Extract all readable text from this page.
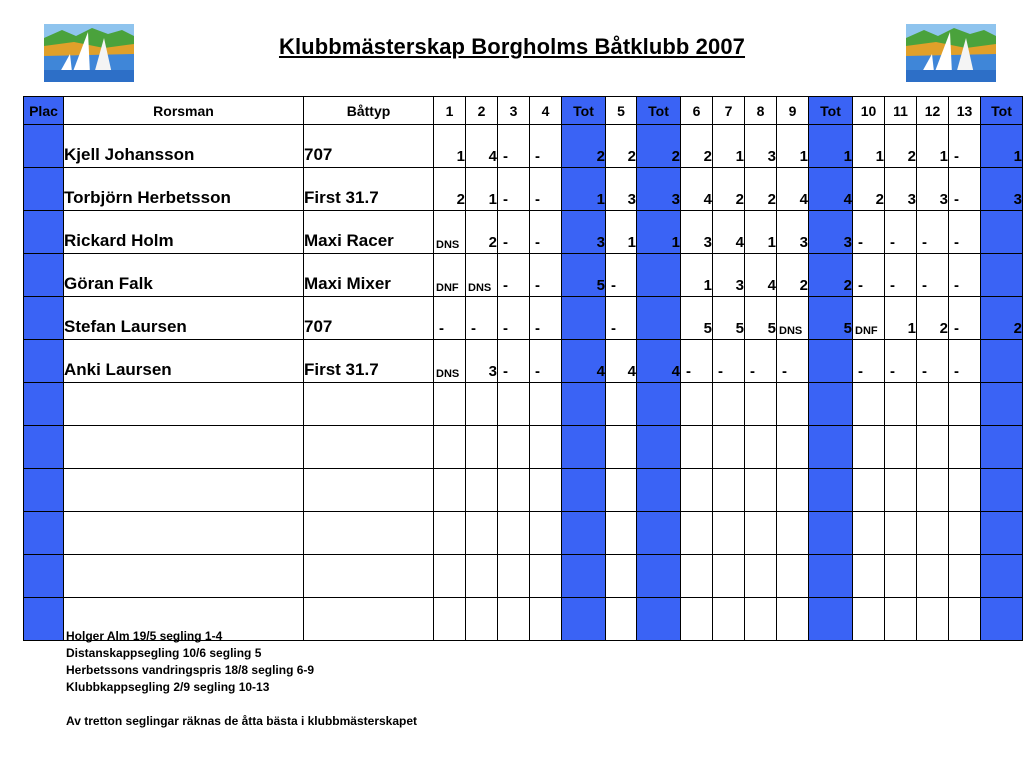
Klubbmästerskap Borgholms Båtklubb 2007
Plac	Rorsman	Båttyp	1	2	3	4	Tot	5	Tot	6	7	8	9	Tot	10	11	12	13	Tot
	Kjell Johansson	707	1	4	-	-	2	2	2	2	1	3	1	1	1	2	1	-	1
	Torbjörn Herbetsson	First 31.7	2	1	-	-	1	3	3	4	2	2	4	4	2	3	3	-	3
	Rickard Holm	Maxi Racer	DNS	2	-	-	3	1	1	3	4	1	3	3	-	-	-	-	
	Göran Falk	Maxi Mixer	DNF	DNS	-	-	5	-		1	3	4	2	2	-	-	-	-	
	Stefan Laursen	707	-	-	-	-		-		5	5	5	DNS	5	DNF	1	2	-	2
	Anki Laursen	First 31.7	DNS	3	-	-	4	4	4	-	-	-	-		-	-	-	-	

Holger Alm 19/5 segling 1-4
Distanskappsegling 10/6 segling 5
Herbetssons vandringspris 18/8 segling 6-9
Klubbkappsegling 2/9 segling 10-13
Av tretton seglingar räknas de åtta bästa i klubbmästerskapet
